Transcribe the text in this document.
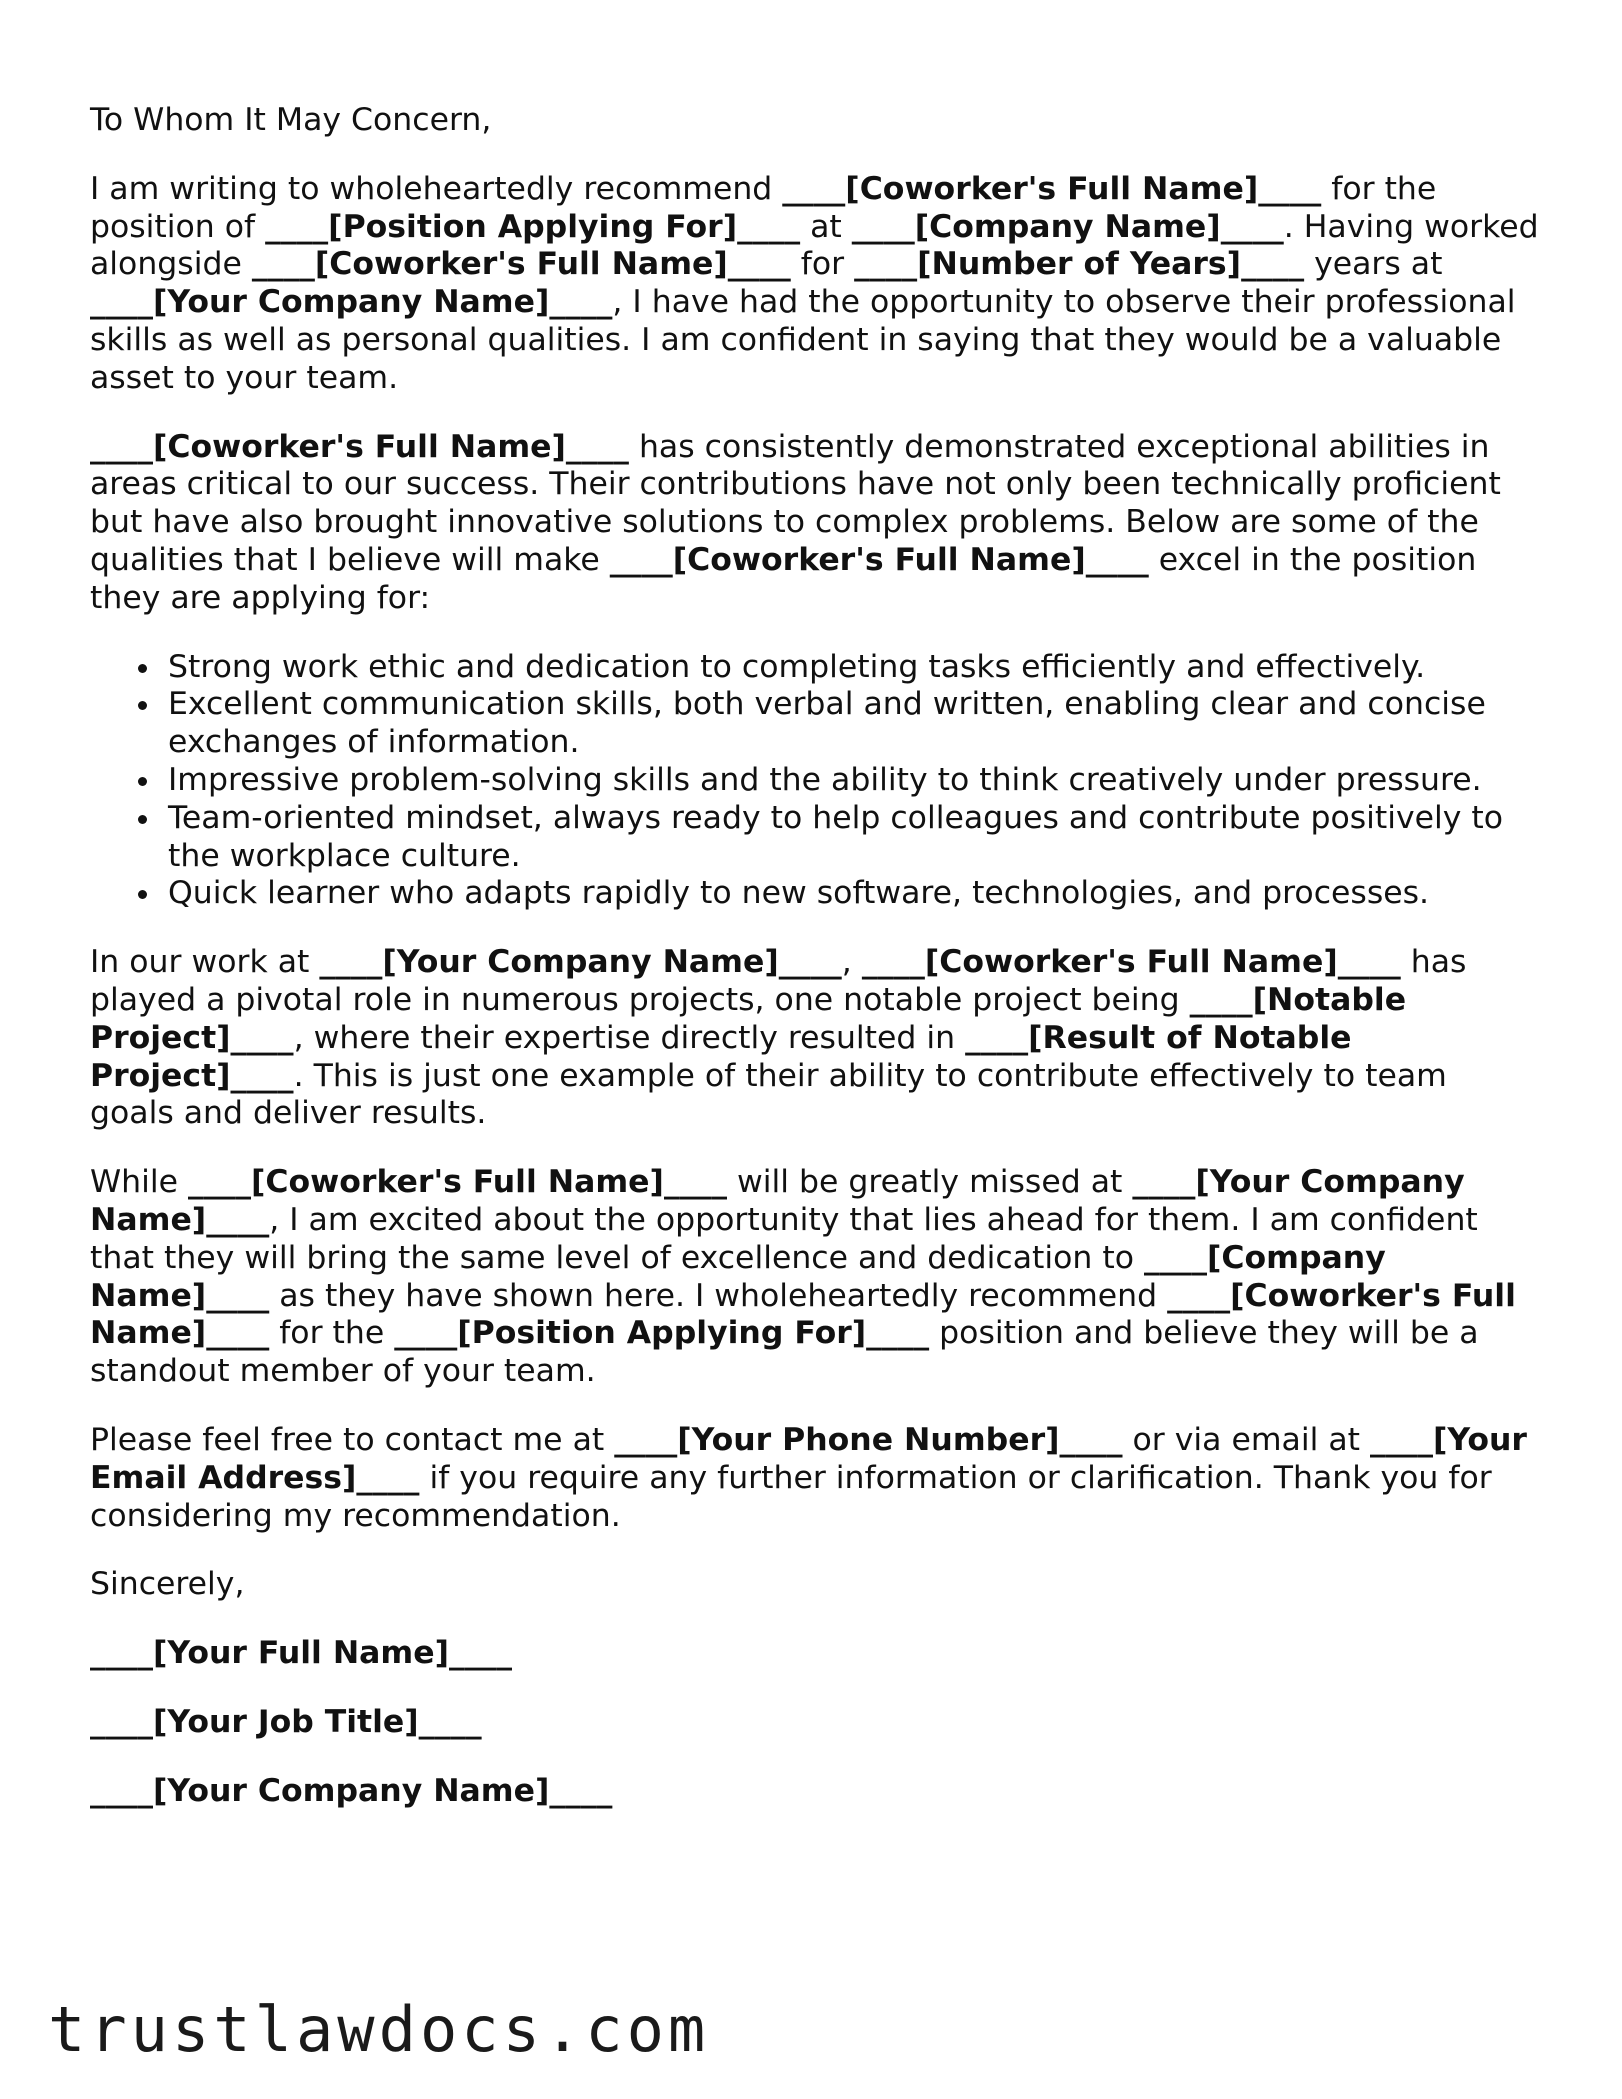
To Whom It May Concern,

I am writing to wholeheartedly recommend ____[Coworker's Full Name]____ for the position of ____[Position Applying For]____ at ____[Company Name]____. Having worked alongside ____[Coworker's Full Name]____ for ____[Number of Years]____ years at ____[Your Company Name]____, I have had the opportunity to observe their professional skills as well as personal qualities. I am confident in saying that they would be a valuable asset to your team.

____[Coworker's Full Name]____ has consistently demonstrated exceptional abilities in areas critical to our success. Their contributions have not only been technically proficient but have also brought innovative solutions to complex problems. Below are some of the qualities that I believe will make ____[Coworker's Full Name]____ excel in the position they are applying for:

Strong work ethic and dedication to completing tasks efficiently and effectively.
Excellent communication skills, both verbal and written, enabling clear and concise exchanges of information.
Impressive problem-solving skills and the ability to think creatively under pressure.
Team-oriented mindset, always ready to help colleagues and contribute positively to the workplace culture.
Quick learner who adapts rapidly to new software, technologies, and processes.

In our work at ____[Your Company Name]____, ____[Coworker's Full Name]____ has played a pivotal role in numerous projects, one notable project being ____[Notable Project]____, where their expertise directly resulted in ____[Result of Notable Project]____. This is just one example of their ability to contribute effectively to team goals and deliver results.

While ____[Coworker's Full Name]____ will be greatly missed at ____[Your Company Name]____, I am excited about the opportunity that lies ahead for them. I am confident that they will bring the same level of excellence and dedication to ____[Company Name]____ as they have shown here. I wholeheartedly recommend ____[Coworker's Full Name]____ for the ____[Position Applying For]____ position and believe they will be a standout member of your team.

Please feel free to contact me at ____[Your Phone Number]____ or via email at ____[Your Email Address]____ if you require any further information or clarification. Thank you for considering my recommendation.

Sincerely,

____[Your Full Name]____

____[Your Job Title]____

____[Your Company Name]____

trustlawdocs.com
